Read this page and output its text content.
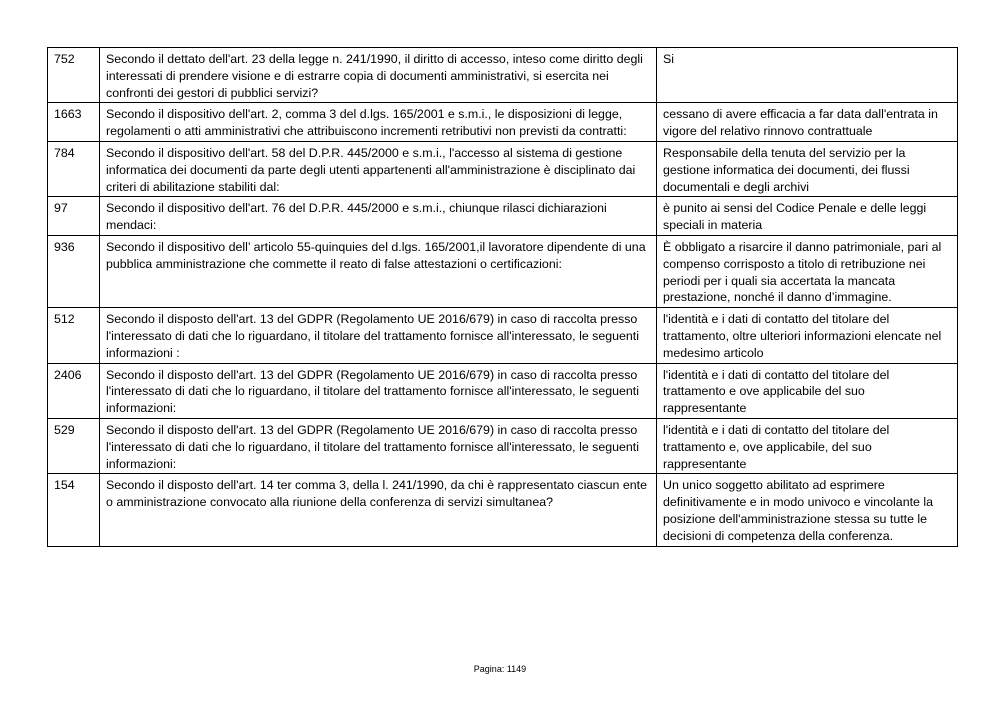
752	Secondo il dettato dell'art. 23 della legge n. 241/1990, il diritto di accesso, inteso come diritto degli interessati di prendere visione e di estrarre copia di documenti amministrativi, si esercita nei confronti dei gestori di pubblici servizi?	Si
1663	Secondo il dispositivo dell'art. 2, comma 3 del d.lgs. 165/2001 e s.m.i., le disposizioni di legge, regolamenti o atti amministrativi che attribuiscono incrementi retributivi non previsti da contratti:	cessano di avere efficacia a far data dall'entrata in vigore del relativo rinnovo contrattuale
784	Secondo il dispositivo dell'art. 58 del D.P.R. 445/2000 e s.m.i., l'accesso al sistema di gestione informatica dei documenti da parte degli utenti appartenenti all'amministrazione è disciplinato dai criteri di abilitazione stabiliti dal:	Responsabile della tenuta del servizio per la gestione informatica dei documenti, dei flussi documentali e degli archivi
97	Secondo il dispositivo dell'art. 76 del D.P.R. 445/2000 e s.m.i., chiunque rilasci dichiarazioni mendaci:	è punito ai sensi del Codice Penale e delle leggi speciali in materia
936	Secondo il dispositivo dell’ articolo 55-quinquies del d.lgs. 165/2001,il lavoratore dipendente di una pubblica amministrazione che commette il reato di false attestazioni o certificazioni:	È obbligato a risarcire il danno patrimoniale, pari al compenso corrisposto a titolo di retribuzione nei periodi per i quali sia accertata la mancata prestazione, nonché il danno d’immagine.
512	Secondo il disposto dell'art. 13 del GDPR (Regolamento UE 2016/679) in caso di raccolta presso l'interessato di dati che lo riguardano, il titolare del trattamento fornisce all'interessato, le seguenti informazioni :	l'identità e i dati di contatto del titolare del trattamento, oltre ulteriori informazioni elencate nel medesimo articolo
2406	Secondo il disposto dell'art. 13 del GDPR (Regolamento UE 2016/679) in caso di raccolta presso l'interessato di dati che lo riguardano, il titolare del trattamento fornisce all'interessato, le seguenti informazioni:	l'identità e i dati di contatto del titolare del trattamento e ove applicabile del suo rappresentante
529	Secondo il disposto dell'art. 13 del GDPR (Regolamento UE 2016/679) in caso di raccolta presso l'interessato di dati che lo riguardano, il titolare del trattamento fornisce all'interessato, le seguenti informazioni:	l'identità e i dati di contatto del titolare del trattamento e, ove applicabile, del suo rappresentante
154	Secondo il disposto dell'art. 14 ter comma 3, della l. 241/1990, da chi è rappresentato ciascun ente o amministrazione convocato alla riunione della conferenza di servizi simultanea?	Un unico soggetto abilitato ad esprimere definitivamente e in modo univoco e vincolante la posizione dell'amministrazione stessa su tutte le decisioni di competenza della conferenza.
Pagina: 1149
